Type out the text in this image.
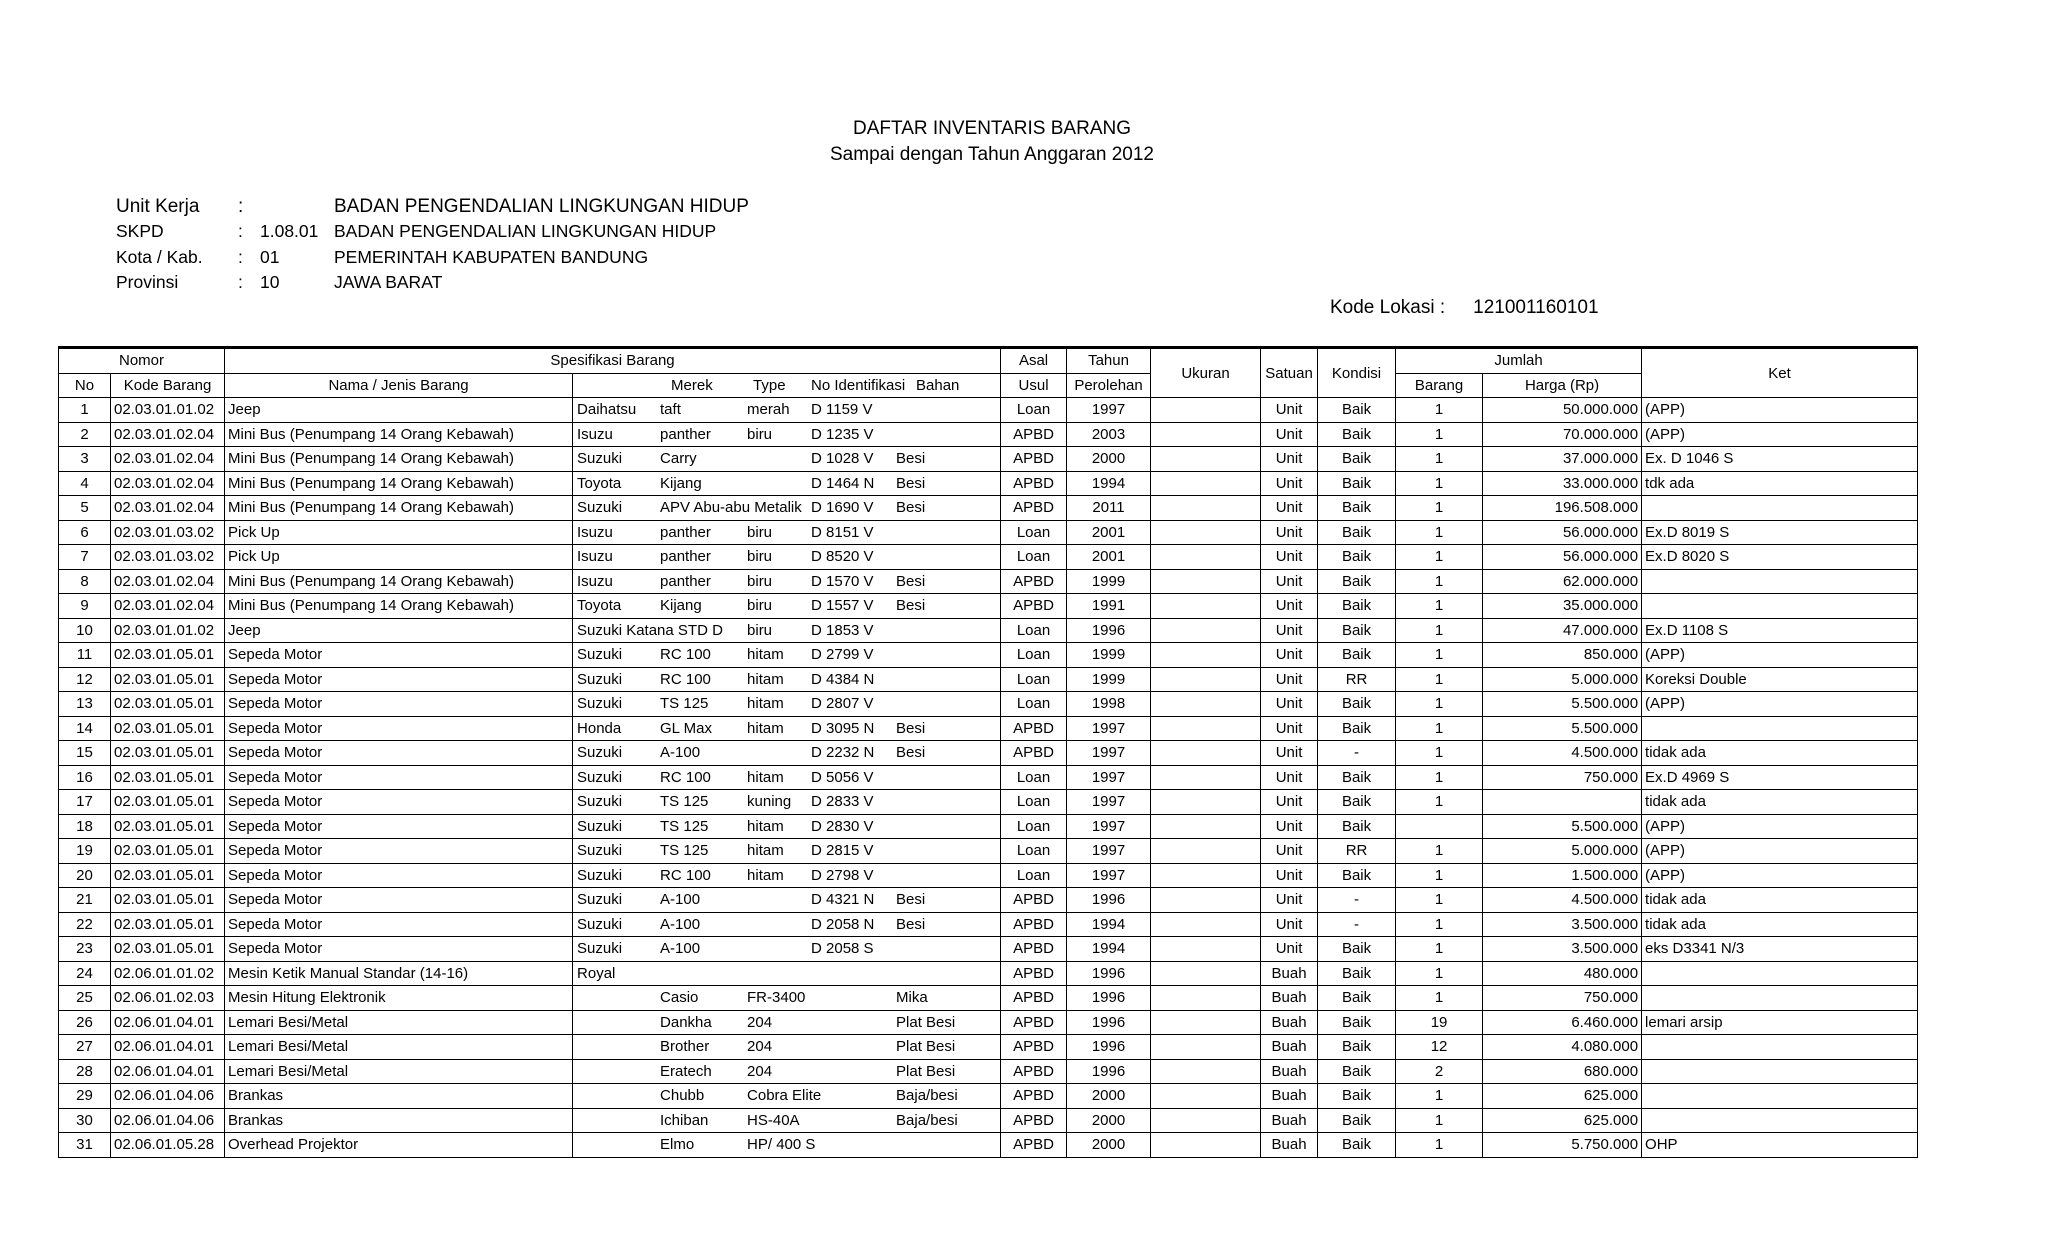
DAFTAR INVENTARIS BARANG
Sampai dengan Tahun Anggaran 2012
Unit Kerja :	BADAN PENGENDALIAN LINGKUNGAN HIDUP
SKPD	: 1.08.01 BADAN PENGENDALIAN LINGKUNGAN HIDUP
Kota / Kab. : 01	PEMERINTAH KABUPATEN BANDUNG
Provinsi	: 10	JAWA BARAT
Kode Lokasi : 121001160101
Nomor		Spesifikasi Barang		Asal	Tahun	Ukuran	Satuan	Kondisi	Jumlah		Ket
No	Kode Barang	Nama / Jenis Barang	Merek Type No Identifikasi Bahan	Usul	Perolehan				Barang	Harga (Rp)	
1	02.03.01.01.02	Jeep	Daihatsu taft merah D 1159 V	Loan	1997		Unit	Baik	1	50.000.000	(APP)
2	02.03.01.02.04	Mini Bus (Penumpang 14 Orang Kebawah)	Isuzu panther biru D 1235 V	APBD	2003		Unit	Baik	1	70.000.000	(APP)
3	02.03.01.02.04	Mini Bus (Penumpang 14 Orang Kebawah)	Suzuki Carry D 1028 V Besi	APBD	2000		Unit	Baik	1	37.000.000	Ex. D 1046 S
4	02.03.01.02.04	Mini Bus (Penumpang 14 Orang Kebawah)	Toyota Kijang D 1464 N Besi	APBD	1994		Unit	Baik	1	33.000.000	tdk ada
5	02.03.01.02.04	Mini Bus (Penumpang 14 Orang Kebawah)	Suzuki APV Abu-abu Metalik D 1690 V Besi	APBD	2011		Unit	Baik	1	196.508.000	
6	02.03.01.03.02	Pick Up	Isuzu panther biru D 8151 V	Loan	2001		Unit	Baik	1	56.000.000	Ex.D 8019 S
7	02.03.01.03.02	Pick Up	Isuzu panther biru D 8520 V	Loan	2001		Unit	Baik	1	56.000.000	Ex.D 8020 S
8	02.03.01.02.04	Mini Bus (Penumpang 14 Orang Kebawah)	Isuzu panther biru D 1570 V Besi	APBD	1999		Unit	Baik	1	62.000.000	
9	02.03.01.02.04	Mini Bus (Penumpang 14 Orang Kebawah)	Toyota Kijang biru D 1557 V Besi	APBD	1991		Unit	Baik	1	35.000.000	
10	02.03.01.01.02	Jeep	Suzuki Katana STD D biru D 1853 V	Loan	1996		Unit	Baik	1	47.000.000	Ex.D 1108 S
11	02.03.01.05.01	Sepeda Motor	Suzuki RC 100 hitam D 2799 V	Loan	1999		Unit	Baik	1	850.000	(APP)
12	02.03.01.05.01	Sepeda Motor	Suzuki RC 100 hitam D 4384 N	Loan	1999		Unit	RR	1	5.000.000	Koreksi Double
13	02.03.01.05.01	Sepeda Motor	Suzuki TS 125 hitam D 2807 V	Loan	1998		Unit	Baik	1	5.500.000	(APP)
14	02.03.01.05.01	Sepeda Motor	Honda GL Max hitam D 3095 N Besi	APBD	1997		Unit	Baik	1	5.500.000	
15	02.03.01.05.01	Sepeda Motor	Suzuki A-100 D 2232 N Besi	APBD	1997		Unit	-	1	4.500.000	tidak ada
16	02.03.01.05.01	Sepeda Motor	Suzuki RC 100 hitam D 5056 V	Loan	1997		Unit	Baik	1	750.000	Ex.D 4969 S
17	02.03.01.05.01	Sepeda Motor	Suzuki TS 125 kuning D 2833 V	Loan	1997		Unit	Baik	1		tidak ada
18	02.03.01.05.01	Sepeda Motor	Suzuki TS 125 hitam D 2830 V	Loan	1997		Unit	Baik		5.500.000	(APP)
19	02.03.01.05.01	Sepeda Motor	Suzuki TS 125 hitam D 2815 V	Loan	1997		Unit	RR	1	5.000.000	(APP)
20	02.03.01.05.01	Sepeda Motor	Suzuki RC 100 hitam D 2798 V	Loan	1997		Unit	Baik	1	1.500.000	(APP)
21	02.03.01.05.01	Sepeda Motor	Suzuki A-100 D 4321 N Besi	APBD	1996		Unit	-	1	4.500.000	tidak ada
22	02.03.01.05.01	Sepeda Motor	Suzuki A-100 D 2058 N Besi	APBD	1994		Unit	-	1	3.500.000	tidak ada
23	02.03.01.05.01	Sepeda Motor	Suzuki A-100 D 2058 S	APBD	1994		Unit	Baik	1	3.500.000	eks D3341 N/3
24	02.06.01.01.02	Mesin Ketik Manual Standar (14-16)	Royal	APBD	1996		Buah	Baik	1	480.000	
25	02.06.01.02.03	Mesin Hitung Elektronik	Casio FR-3400 Mika	APBD	1996		Buah	Baik	1	750.000	
26	02.06.01.04.01	Lemari Besi/Metal	Dankha 204 Plat Besi	APBD	1996		Buah	Baik	19	6.460.000	lemari arsip
27	02.06.01.04.01	Lemari Besi/Metal	Brother 204 Plat Besi	APBD	1996		Buah	Baik	12	4.080.000	
28	02.06.01.04.01	Lemari Besi/Metal	Eratech 204 Plat Besi	APBD	1996		Buah	Baik	2	680.000	
29	02.06.01.04.06	Brankas	Chubb Cobra Elite Baja/besi	APBD	2000		Buah	Baik	1	625.000	
30	02.06.01.04.06	Brankas	Ichiban HS-40A Baja/besi	APBD	2000		Buah	Baik	1	625.000	
31	02.06.01.05.28	Overhead Projektor	Elmo HP/ 400 S	APBD	2000		Buah	Baik	1	5.750.000	OHP
